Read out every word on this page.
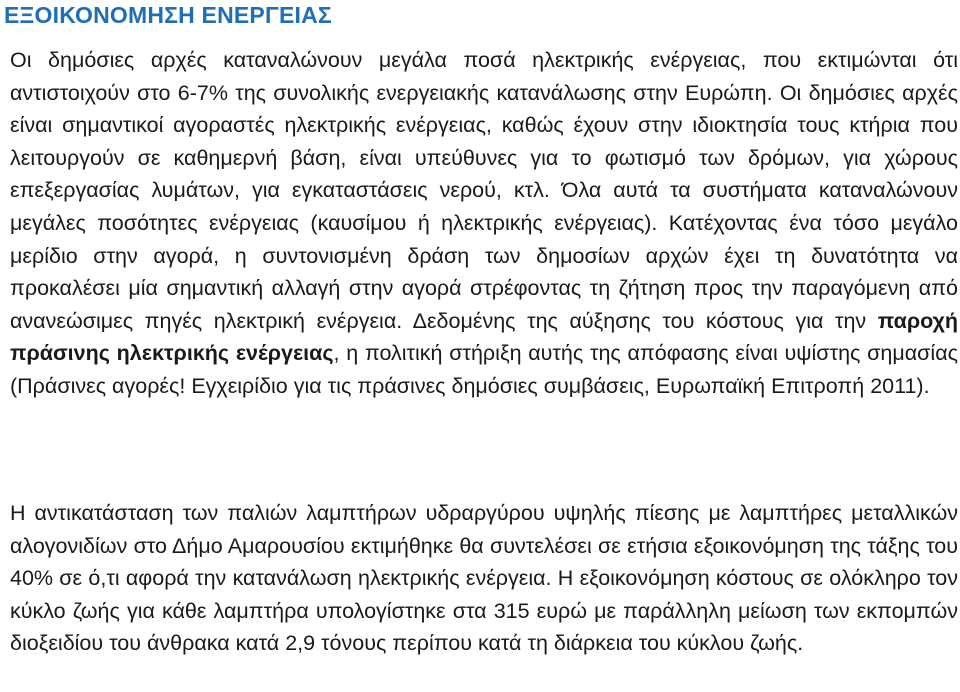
ΕΞΟΙΚΟΝΟΜΗΣΗ ΕΝΕΡΓΕΙΑΣ

Οι δημόσιες αρχές καταναλώνουν μεγάλα ποσά ηλεκτρικής ενέργειας, που εκτιμώνται ότι αντιστοιχούν στο 6-7% της συνολικής ενεργειακής κατανάλωσης στην Ευρώπη. Οι δημόσιες αρχές είναι σημαντικοί αγοραστές ηλεκτρικής ενέργειας, καθώς έχουν στην ιδιοκτησία τους κτήρια που λειτουργούν σε καθημερνή βάση, είναι υπεύθυνες για το φωτισμό των δρόμων, για χώρους επεξεργασίας λυμάτων, για εγκαταστάσεις νερού, κτλ. Όλα αυτά τα συστήματα καταναλώνουν μεγάλες ποσότητες ενέργειας (καυσίμου ή ηλεκτρικής ενέργειας). Κατέχοντας ένα τόσο μεγάλο μερίδιο στην αγορά, η συντονισμένη δράση των δημοσίων αρχών έχει τη δυνατότητα να προκαλέσει μία σημαντική αλλαγή στην αγορά στρέφοντας τη ζήτηση προς την παραγόμενη από ανανεώσιμες πηγές ηλεκτρική ενέργεια. Δεδομένης της αύξησης του κόστους για την παροχή πράσινης ηλεκτρικής ενέργειας, η πολιτική στήριξη αυτής της απόφασης είναι υψίστης σημασίας (Πράσινες αγορές! Εγχειρίδιο για τις πράσινες δημόσιες συμβάσεις, Ευρωπαϊκή Επιτροπή 2011).

Η αντικατάσταση των παλιών λαμπτήρων υδραργύρου υψηλής πίεσης με λαμπτήρες μεταλλικών αλογονιδίων στο Δήμο Αμαρουσίου εκτιμήθηκε θα συντελέσει σε ετήσια εξοικονόμηση της τάξης του 40% σε ό,τι αφορά την κατανάλωση ηλεκτρικής ενέργεια. Η εξοικονόμηση κόστους σε ολόκληρο τον κύκλο ζωής για κάθε λαμπτήρα υπολογίστηκε στα 315 ευρώ με παράλληλη μείωση των εκπομπών διοξειδίου του άνθρακα κατά 2,9 τόνους περίπου κατά τη διάρκεια του κύκλου ζωής.
